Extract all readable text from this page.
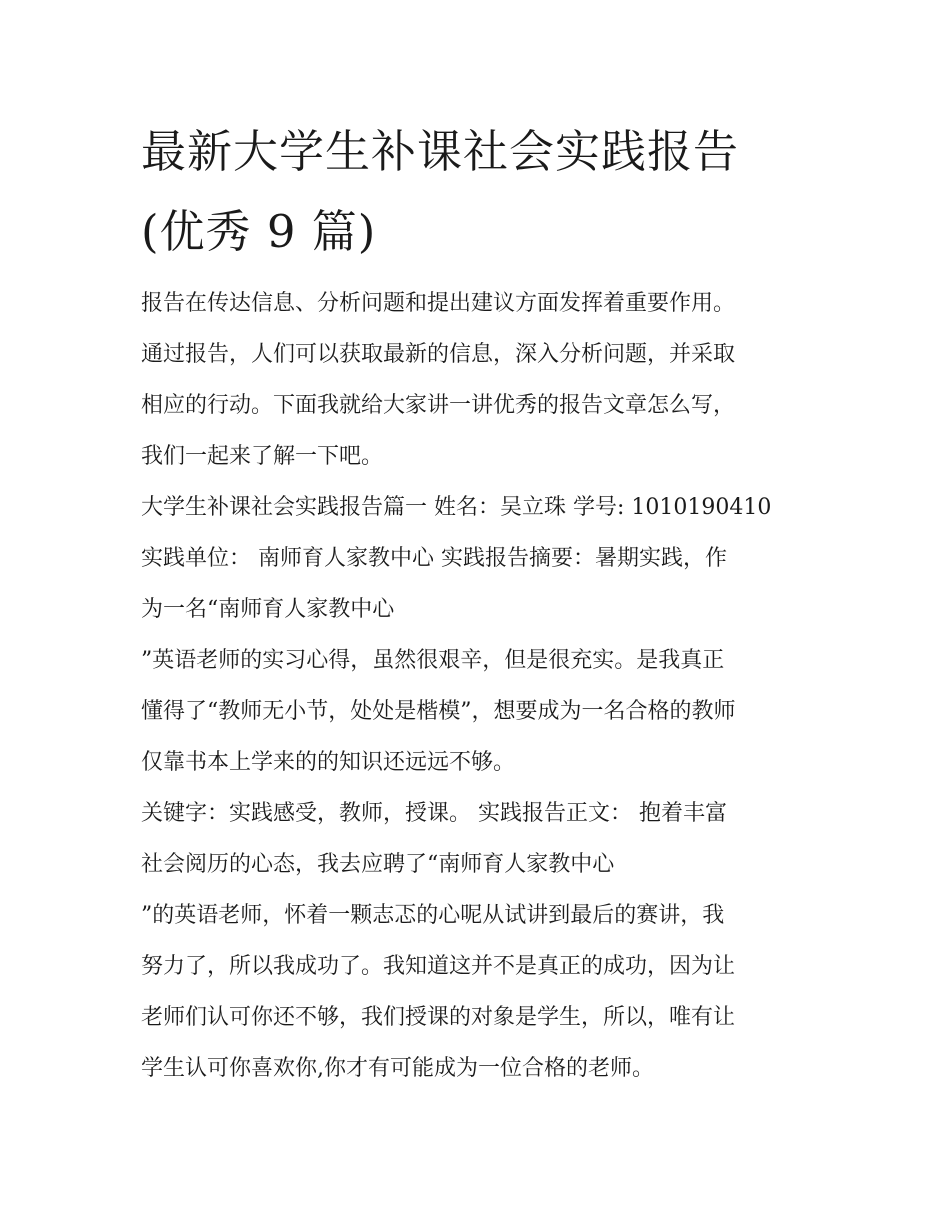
最新大学生补课社会实践报告
(优秀 9 篇)
报告在传达信息、分析问题和提出建议方面发挥着重要作用。
通过报告，人们可以获取最新的信息，深入分析问题，并采取
相应的行动。下面我就给大家讲一讲优秀的报告文章怎么写，
我们一起来了解一下吧。
大学生补课社会实践报告篇一 姓名：吴立珠 学号: 1010190410
实践单位： 南师育人家教中心 实践报告摘要：暑期实践，作
为一名“南师育人家教中心
”英语老师的实习心得，虽然很艰辛，但是很充实。是我真正
懂得了“教师无小节，处处是楷模”，想要成为一名合格的教师
仅靠书本上学来的的知识还远远不够。
关键字：实践感受，教师，授课。 实践报告正文： 抱着丰富
社会阅历的心态，我去应聘了“南师育人家教中心
”的英语老师，怀着一颗志忑的心呢从试讲到最后的赛讲，我
努力了，所以我成功了。我知道这并不是真正的成功，因为让
老师们认可你还不够，我们授课的对象是学生，所以，唯有让
学生认可你喜欢你,你才有可能成为一位合格的老师。
